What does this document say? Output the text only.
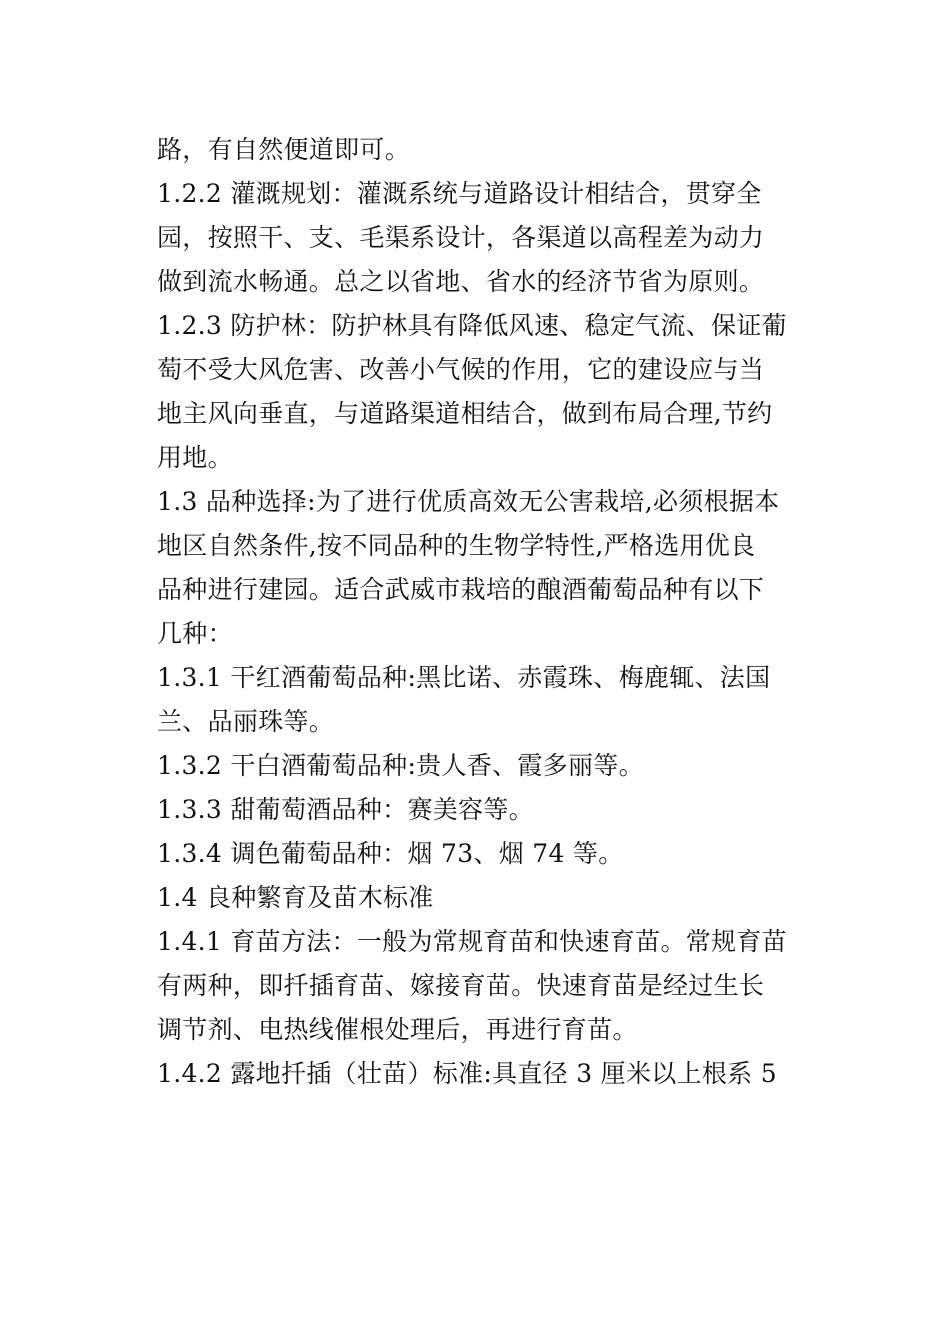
路，有自然便道即可。
1.2.2 灌溉规划：灌溉系统与道路设计相结合，贯穿全
园，按照干、支、毛渠系设计，各渠道以高程差为动力
做到流水畅通。总之以省地、省水的经济节省为原则。
1.2.3 防护林：防护林具有降低风速、稳定气流、保证葡
萄不受大风危害、改善小气候的作用，它的建设应与当
地主风向垂直，与道路渠道相结合，做到布局合理,节约
用地。
1.3 品种选择:为了进行优质高效无公害栽培,必须根据本
地区自然条件,按不同品种的生物学特性,严格选用优良
品种进行建园。适合武威市栽培的酿酒葡萄品种有以下
几种：
1.3.1 干红酒葡萄品种:黑比诺、赤霞珠、梅鹿辄、法国
兰、品丽珠等。
1.3.2 干白酒葡萄品种:贵人香、霞多丽等。
1.3.3 甜葡萄酒品种：赛美容等。
1.3.4 调色葡萄品种：烟 73、烟 74 等。
1.4 良种繁育及苗木标准
1.4.1 育苗方法：一般为常规育苗和快速育苗。常规育苗
有两种，即扦插育苗、嫁接育苗。快速育苗是经过生长
调节剂、电热线催根处理后，再进行育苗。
1.4.2 露地扦插（壮苗）标准:具直径 3 厘米以上根系 5
